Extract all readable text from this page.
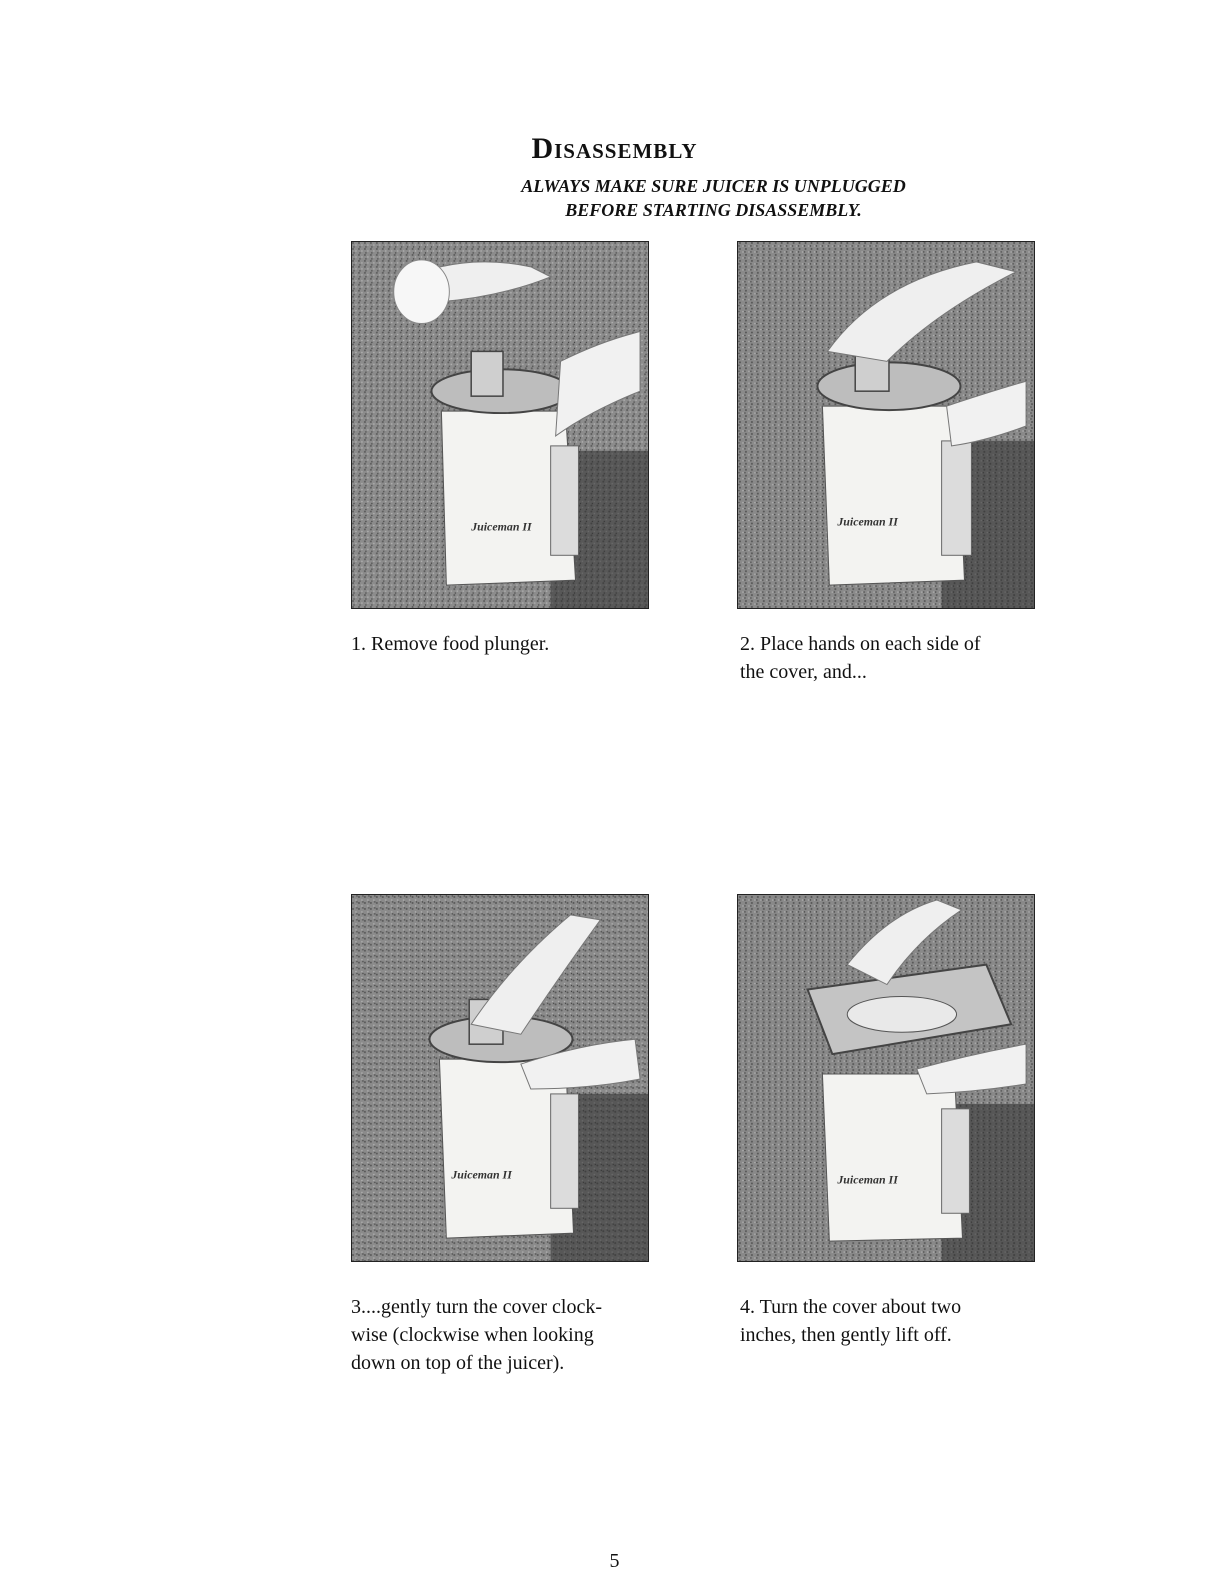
Disassembly
ALWAYS MAKE SURE JUICER IS UNPLUGGED
BEFORE STARTING DISASSEMBLY.
Juiceman II	Juiceman II
Juiceman II	Juiceman II
1. Remove food plunger.	2. Place hands on each side of
the cover, and...
3....gently turn the cover clock-
wise (clockwise when looking
down on top of the juicer).
4. Turn the cover about two
inches, then gently lift off.
5
